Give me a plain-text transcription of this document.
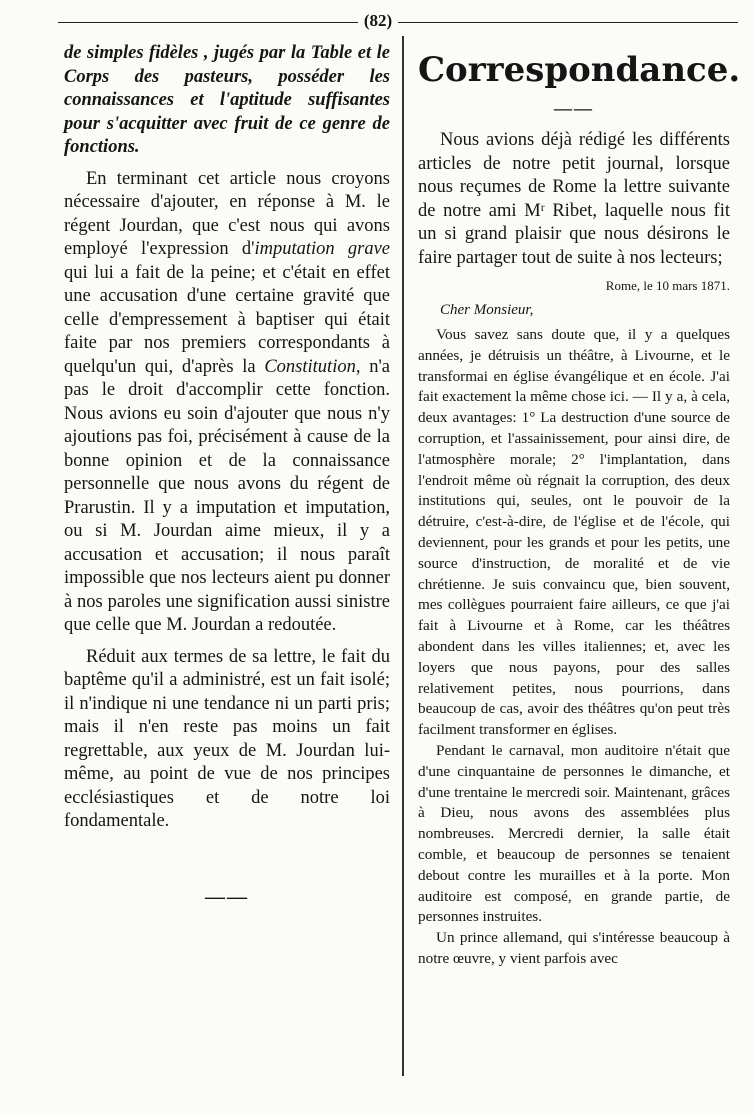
(82)

de simples fidèles , jugés par la Table et le Corps des pasteurs, posséder les connaissances et l'aptitude suffisantes pour s'acquitter avec fruit de ce genre de fonctions.

En terminant cet article nous croyons nécessaire d'ajouter, en réponse à M. le régent Jourdan, que c'est nous qui avons employé l'expression d'imputation grave qui lui a fait de la peine; et c'était en effet une accusation d'une certaine gravité que celle d'empressement à baptiser qui était faite par nos premiers correspondants à quelqu'un qui, d'après la Constitution, n'a pas le droit d'accomplir cette fonction. Nous avions eu soin d'ajouter que nous n'y ajoutions pas foi, précisément à cause de la bonne opinion et de la connaissance personnelle que nous avons du régent de Prarustin. Il y a imputation et imputation, ou si M. Jourdan aime mieux, il y a accusation et accusation; il nous paraît impossible que nos lecteurs aient pu donner à nos paroles une signification aussi sinistre que celle que M. Jourdan a redoutée.

Réduit aux termes de sa lettre, le fait du baptême qu'il a administré, est un fait isolé; il n'indique ni une tendance ni un parti pris; mais il n'en reste pas moins un fait regrettable, aux yeux de M. Jourdan lui-même, au point de vue de nos principes ecclésiastiques et de notre loi fondamentale.

——
Correspondance.
——

Nous avions déjà rédigé les différents articles de notre petit journal, lorsque nous reçumes de Rome la lettre suivante de notre ami Mʳ Ribet, laquelle nous fit un si grand plaisir que nous désirons le faire partager tout de suite à nos lecteurs;

Rome, le 10 mars 1871.
Cher Monsieur,

Vous savez sans doute que, il y a quelques années, je détruisis un théâtre, à Livourne, et le transformai en église évangélique et en école. J'ai fait exactement la même chose ici. — Il y a, à cela, deux avantages: 1° La destruction d'une source de corruption, et l'assainissement, pour ainsi dire, de l'atmosphère morale; 2° l'implantation, dans l'endroit même où régnait la corruption, des deux institutions qui, seules, ont le pouvoir de la détruire, c'est-à-dire, de l'église et de l'école, qui deviennent, pour les grands et pour les petits, une source d'instruction, de moralité et de vie chrétienne. Je suis convaincu que, bien souvent, mes collègues pourraient faire ailleurs, ce que j'ai fait à Livourne et à Rome, car les théâtres abondent dans les villes italiennes; et, avec les loyers que nous payons, pour des salles relativement petites, nous pourrions, dans beaucoup de cas, avoir des théâtres qu'on peut très facilment transformer en églises.

Pendant le carnaval, mon auditoire n'était que d'une cinquantaine de personnes le dimanche, et d'une trentaine le mercredi soir. Maintenant, grâces à Dieu, nous avons des assemblées plus nombreuses. Mercredi dernier, la salle était comble, et beaucoup de personnes se tenaient debout contre les murailles et à la porte. Mon auditoire est composé, en grande partie, de personnes instruites.

Un prince allemand, qui s'intéresse beaucoup à notre œuvre, y vient parfois avec
